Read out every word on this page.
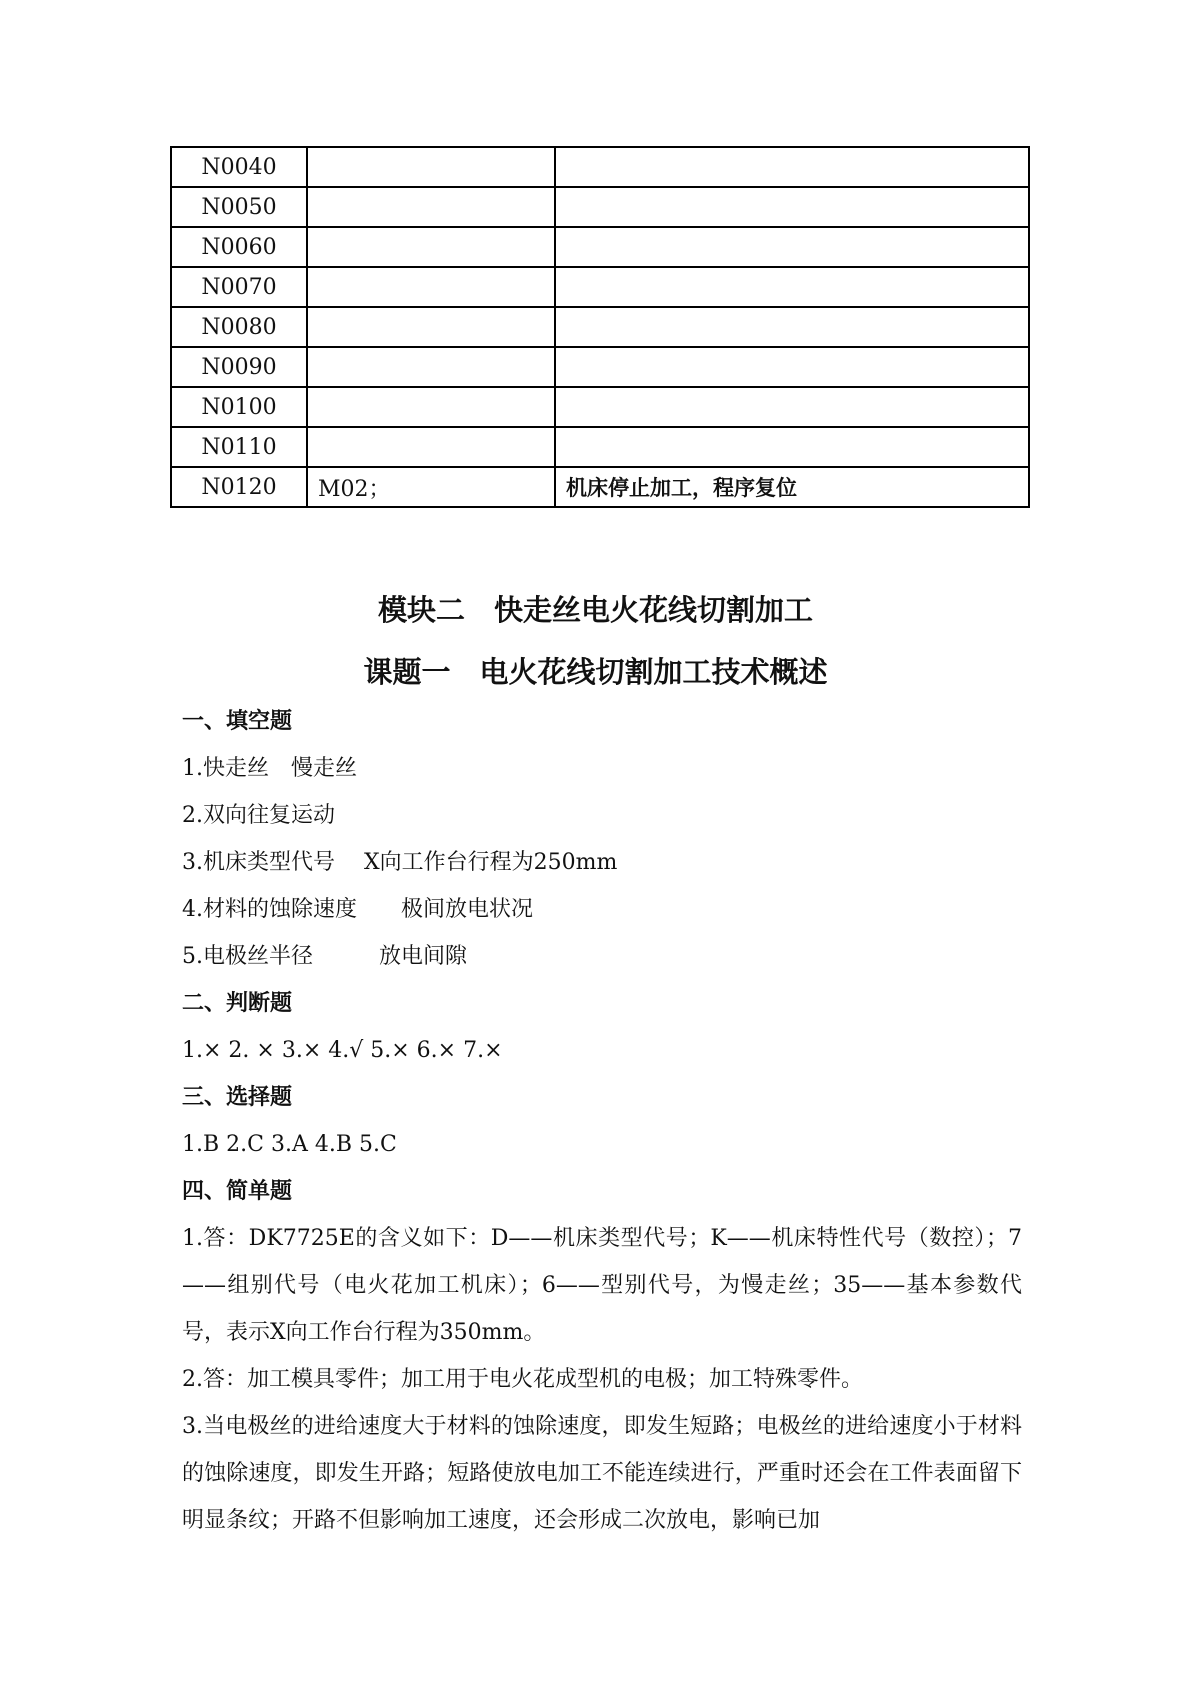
N0040		
N0050		
N0060		
N0070		
N0080		
N0090		
N0100		
N0110		
N0120	M02；	机床停止加工，程序复位
模块二　快走丝电火花线切割加工
课题一　电火花线切割加工技术概述
一、填空题
1.快走丝　慢走丝
2.双向往复运动
3.机床类型代号　 X向工作台行程为250mm
4.材料的蚀除速度　　极间放电状况
5.电极丝半径　　　放电间隙
二、判断题
1.× 2. × 3.× 4.√ 5.× 6.× 7.×
三、选择题
1.B 2.C 3.A 4.B 5.C
四、简单题
1.答：DK7725E的含义如下：D——机床类型代号；K——机床特性代号（数控）；7——组别代号（电火花加工机床）；6——型别代号，为慢走丝；35——基本参数代号，表示X向工作台行程为350mm。
2.答：加工模具零件；加工用于电火花成型机的电极；加工特殊零件。
3.当电极丝的进给速度大于材料的蚀除速度，即发生短路；电极丝的进给速度小于材料的蚀除速度，即发生开路；短路使放电加工不能连续进行，严重时还会在工件表面留下明显条纹；开路不但影响加工速度，还会形成二次放电，影响已加
